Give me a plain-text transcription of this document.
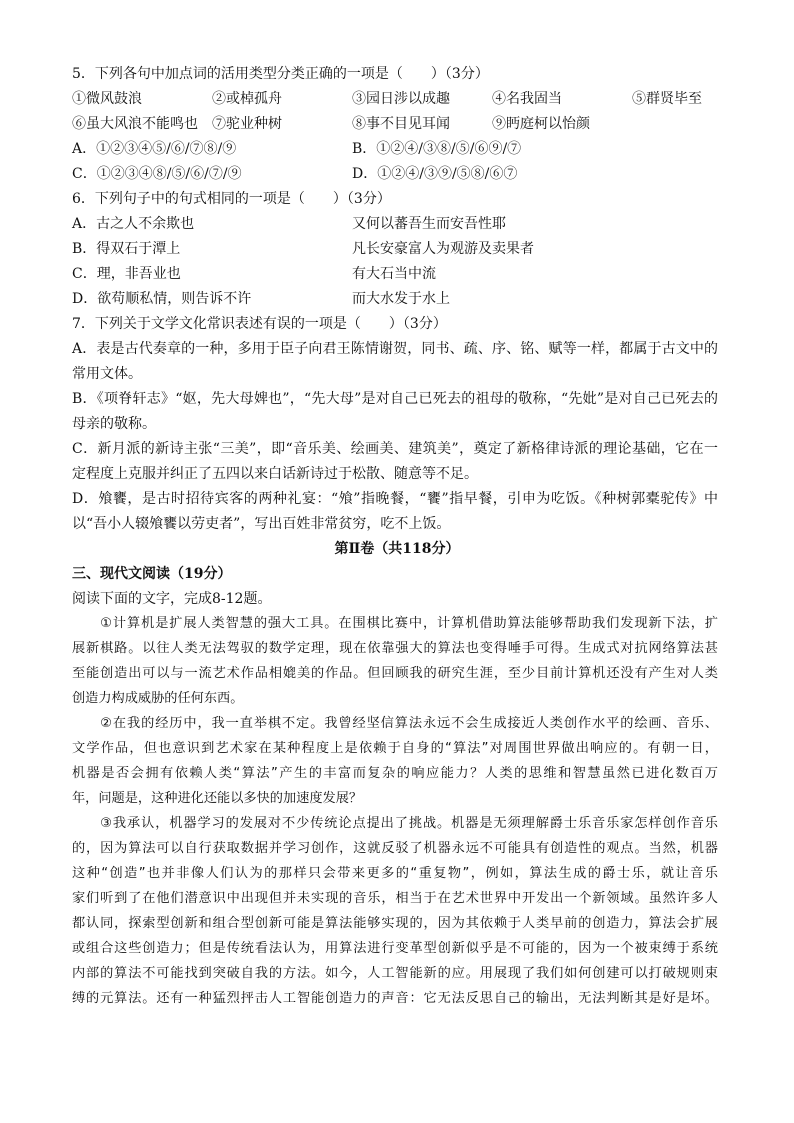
5．下列各句中加点词的活用类型分类正确的一项是（　　）（3分）
①微风鼓浪	②或棹孤舟	③园日涉以成趣	④名我固当	⑤群贤毕至
⑥虽大风浪不能鸣也 ⑦驼业种树	⑧事不目见耳闻	⑨眄庭柯以怡颜
A．①②③④⑤/⑥/⑦⑧/⑨	B．①②④/③⑧/⑤/⑥⑨/⑦
C．①②③④⑧/⑤/⑥/⑦/⑨	D．①②④/③⑨/⑤⑧/⑥⑦
6．下列句子中的句式相同的一项是（　　）（3分）
A．古之人不余欺也	又何以蕃吾生而安吾性耶
B．得双石于潭上	凡长安豪富人为观游及卖果者
C．理，非吾业也	有大石当中流
D．欲苟顺私情，则告诉不许	而大水发于水上
7．下列关于文学文化常识表述有误的一项是（　　）（3分）
A．表是古代奏章的一种，多用于臣子向君王陈情谢贺，同书、疏、序、铭、赋等一样，都属于古文中的
常用文体。
B．《项脊轩志》“妪，先大母婢也”，“先大母”是对自己已死去的祖母的敬称，“先妣”是对自己已死去的
母亲的敬称。
C．新月派的新诗主张“三美”，即“音乐美、绘画美、建筑美”，奠定了新格律诗派的理论基础，它在一
定程度上克服并纠正了五四以来白话新诗过于松散、随意等不足。
D．飧饔，是古时招待宾客的两种礼宴：“飧”指晚餐，“饔”指早餐，引申为吃饭。《种树郭橐驼传》中
以“吾小人辍飧饔以劳吏者”，写出百姓非常贫穷，吃不上饭。
第Ⅱ卷（共118分）
三、现代文阅读（19分）
阅读下面的文字，完成8-12题。
　　①计算机是扩展人类智慧的强大工具。在围棋比赛中，计算机借助算法能够帮助我们发现新下法，扩
展新棋路。以往人类无法驾驭的数学定理，现在依靠强大的算法也变得唾手可得。生成式对抗网络算法甚
至能创造出可以与一流艺术作品相媲美的作品。但回顾我的研究生涯，至少目前计算机还没有产生对人类
创造力构成威胁的任何东西。
　　②在我的经历中，我一直举棋不定。我曾经坚信算法永远不会生成接近人类创作水平的绘画、音乐、
文学作品，但也意识到艺术家在某种程度上是依赖于自身的“算法”对周围世界做出响应的。有朝一日，
机器是否会拥有依赖人类“算法”产生的丰富而复杂的响应能力？人类的思维和智慧虽然已进化数百万
年，问题是，这种进化还能以多快的加速度发展？
　　③我承认，机器学习的发展对不少传统论点提出了挑战。机器是无须理解爵士乐音乐家怎样创作音乐
的，因为算法可以自行获取数据并学习创作，这就反驳了机器永远不可能具有创造性的观点。当然，机器
这种“创造”也并非像人们认为的那样只会带来更多的“重复物”，例如，算法生成的爵士乐，就让音乐
家们听到了在他们潜意识中出现但并未实现的音乐，相当于在艺术世界中开发出一个新领域。虽然许多人
都认同，探索型创新和组合型创新可能是算法能够实现的，因为其依赖于人类早前的创造力，算法会扩展
或组合这些创造力；但是传统看法认为，用算法进行变革型创新似乎是不可能的，因为一个被束缚于系统
内部的算法不可能找到突破自我的方法。如今，人工智能新的应。用展现了我们如何创建可以打破规则束
缚的元算法。还有一种猛烈抨击人工智能创造力的声音：它无法反思自己的输出，无法判断其是好是坏。
